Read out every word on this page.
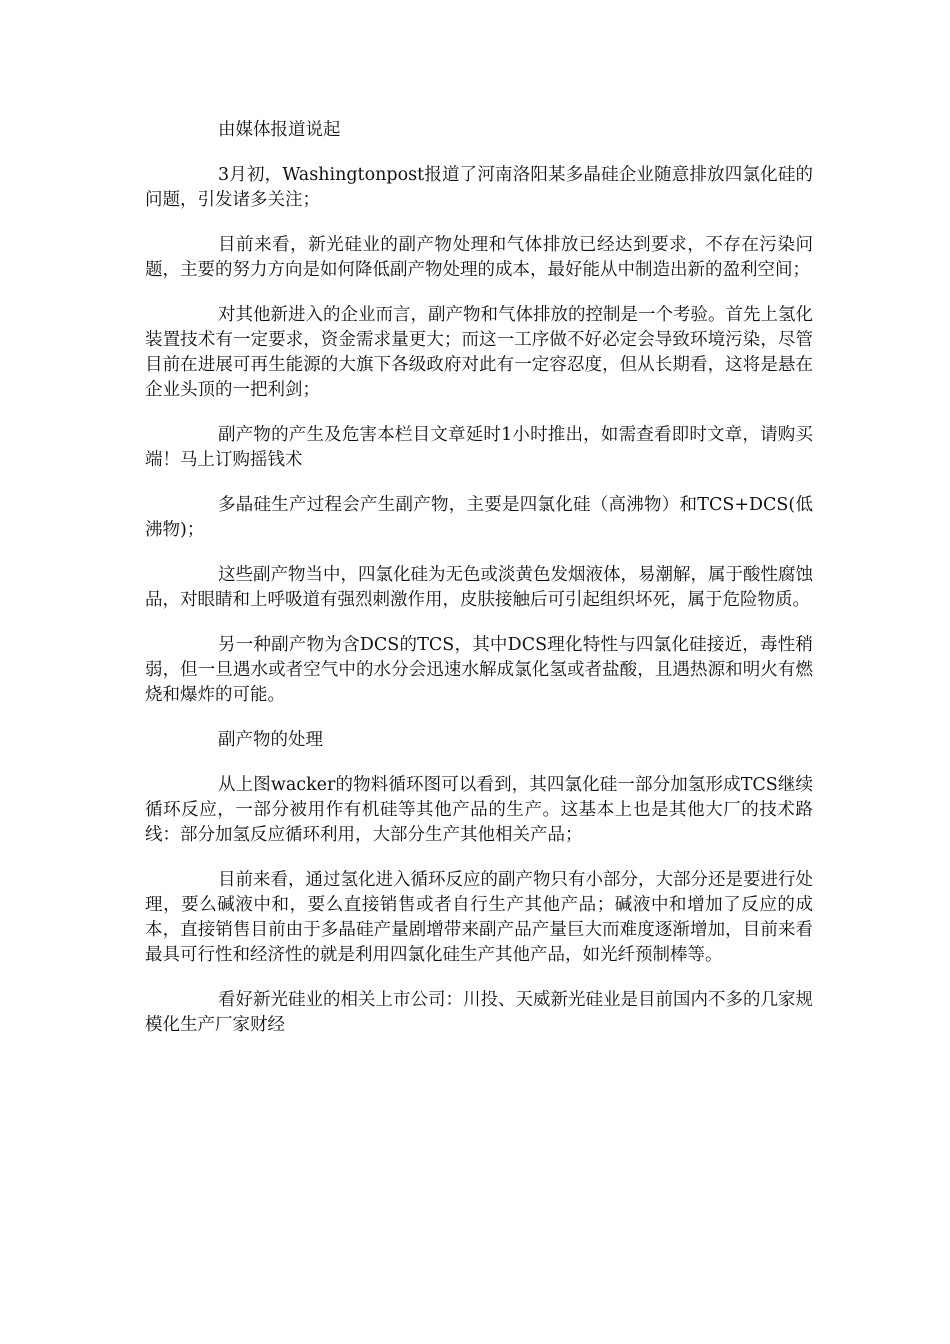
由媒体报道说起

3月初，Washingtonpost报道了河南洛阳某多晶硅企业随意排放四氯化硅的问题，引发诸多关注；

目前来看，新光硅业的副产物处理和气体排放已经达到要求，不存在污染问题，主要的努力方向是如何降低副产物处理的成本，最好能从中制造出新的盈利空间；

对其他新进入的企业而言，副产物和气体排放的控制是一个考验。首先上氢化装置技术有一定要求，资金需求量更大；而这一工序做不好必定会导致环境污染，尽管目前在进展可再生能源的大旗下各级政府对此有一定容忍度，但从长期看，这将是悬在企业头顶的一把利剑；

副产物的产生及危害本栏目文章延时1小时推出，如需查看即时文章，请购买端！马上订购摇钱术

多晶硅生产过程会产生副产物，主要是四氯化硅（高沸物）和TCS+DCS(低沸物)；

这些副产物当中，四氯化硅为无色或淡黄色发烟液体，易潮解，属于酸性腐蚀品，对眼睛和上呼吸道有强烈刺激作用，皮肤接触后可引起组织坏死，属于危险物质。

另一种副产物为含DCS的TCS，其中DCS理化特性与四氯化硅接近，毒性稍弱，但一旦遇水或者空气中的水分会迅速水解成氯化氢或者盐酸，且遇热源和明火有燃烧和爆炸的可能。

副产物的处理

从上图wacker的物料循环图可以看到，其四氯化硅一部分加氢形成TCS继续循环反应，一部分被用作有机硅等其他产品的生产。这基本上也是其他大厂的技术路线：部分加氢反应循环利用，大部分生产其他相关产品；

目前来看，通过氢化进入循环反应的副产物只有小部分，大部分还是要进行处理，要么碱液中和，要么直接销售或者自行生产其他产品；碱液中和增加了反应的成本，直接销售目前由于多晶硅产量剧增带来副产品产量巨大而难度逐渐增加，目前来看最具可行性和经济性的就是利用四氯化硅生产其他产品，如光纤预制棒等。

看好新光硅业的相关上市公司：川投、天威新光硅业是目前国内不多的几家规模化生产厂家财经
